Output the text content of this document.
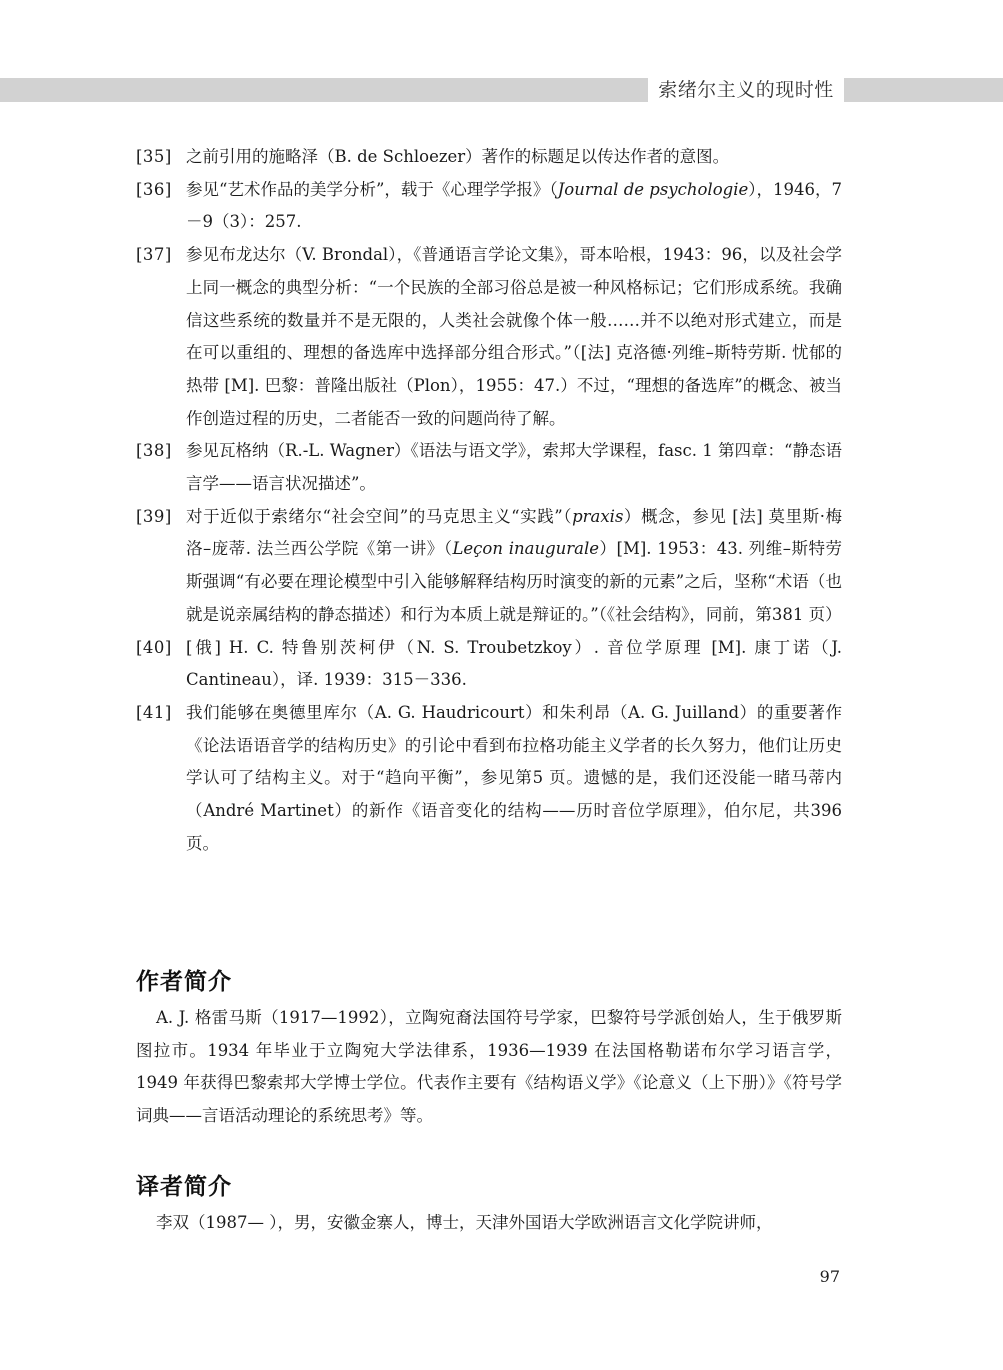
索绪尔主义的现时性
[35] 之前引用的施略泽（B. de Schloezer）著作的标题足以传达作者的意图。
[36] 参见“艺术作品的美学分析”，载于《心理学学报》（Journal de psychologie），1946，7－9（3）：257.
[37] 参见布龙达尔（V. Brondal），《普通语言学论文集》，哥本哈根，1943：96，以及社会学上同一概念的典型分析：“一个民族的全部习俗总是被一种风格标记；它们形成系统。我确信这些系统的数量并不是无限的，人类社会就像个体一般……并不以绝对形式建立，而是在可以重组的、理想的备选库中选择部分组合形式。”（[法] 克洛德·列维–斯特劳斯. 忧郁的热带 [M]. 巴黎：普隆出版社（Plon），1955：47.）不过，“理想的备选库”的概念、被当作创造过程的历史，二者能否一致的问题尚待了解。
[38] 参见瓦格纳（R.-L. Wagner）《语法与语文学》，索邦大学课程，fasc. 1 第四章：“静态语言学——语言状况描述”。
[39] 对于近似于索绪尔“社会空间”的马克思主义“实践”（praxis）概念，参见 [法] 莫里斯·梅洛–庞蒂. 法兰西公学院《第一讲》（Leçon inaugurale）[M]. 1953：43. 列维–斯特劳斯强调“有必要在理论模型中引入能够解释结构历时演变的新的元素”之后，坚称“术语（也就是说亲属结构的静态描述）和行为本质上就是辩证的。”（《社会结构》，同前，第381 页）
[40] [俄] H. C. 特鲁别茨柯伊（N. S. Troubetzkoy）. 音位学原理 [M]. 康丁诺（J. Cantineau），译. 1939：315－336.
[41] 我们能够在奥德里库尔（A. G. Haudricourt）和朱利昂（A. G. Juilland）的重要著作《论法语语音学的结构历史》的引论中看到布拉格功能主义学者的长久努力，他们让历史学认可了结构主义。对于“趋向平衡”，参见第5 页。遗憾的是，我们还没能一睹马蒂内（André Martinet）的新作《语音变化的结构——历时音位学原理》，伯尔尼，共396 页。
作者简介
A. J. 格雷马斯（1917—1992），立陶宛裔法国符号学家，巴黎符号学派创始人，生于俄罗斯图拉市。1934 年毕业于立陶宛大学法律系，1936—1939 在法国格勒诺布尔学习语言学，1949 年获得巴黎索邦大学博士学位。代表作主要有《结构语义学》《论意义（上下册）》《符号学词典——言语活动理论的系统思考》等。
译者简介
李双（1987— ），男，安徽金寨人，博士，天津外国语大学欧洲语言文化学院讲师，
97
